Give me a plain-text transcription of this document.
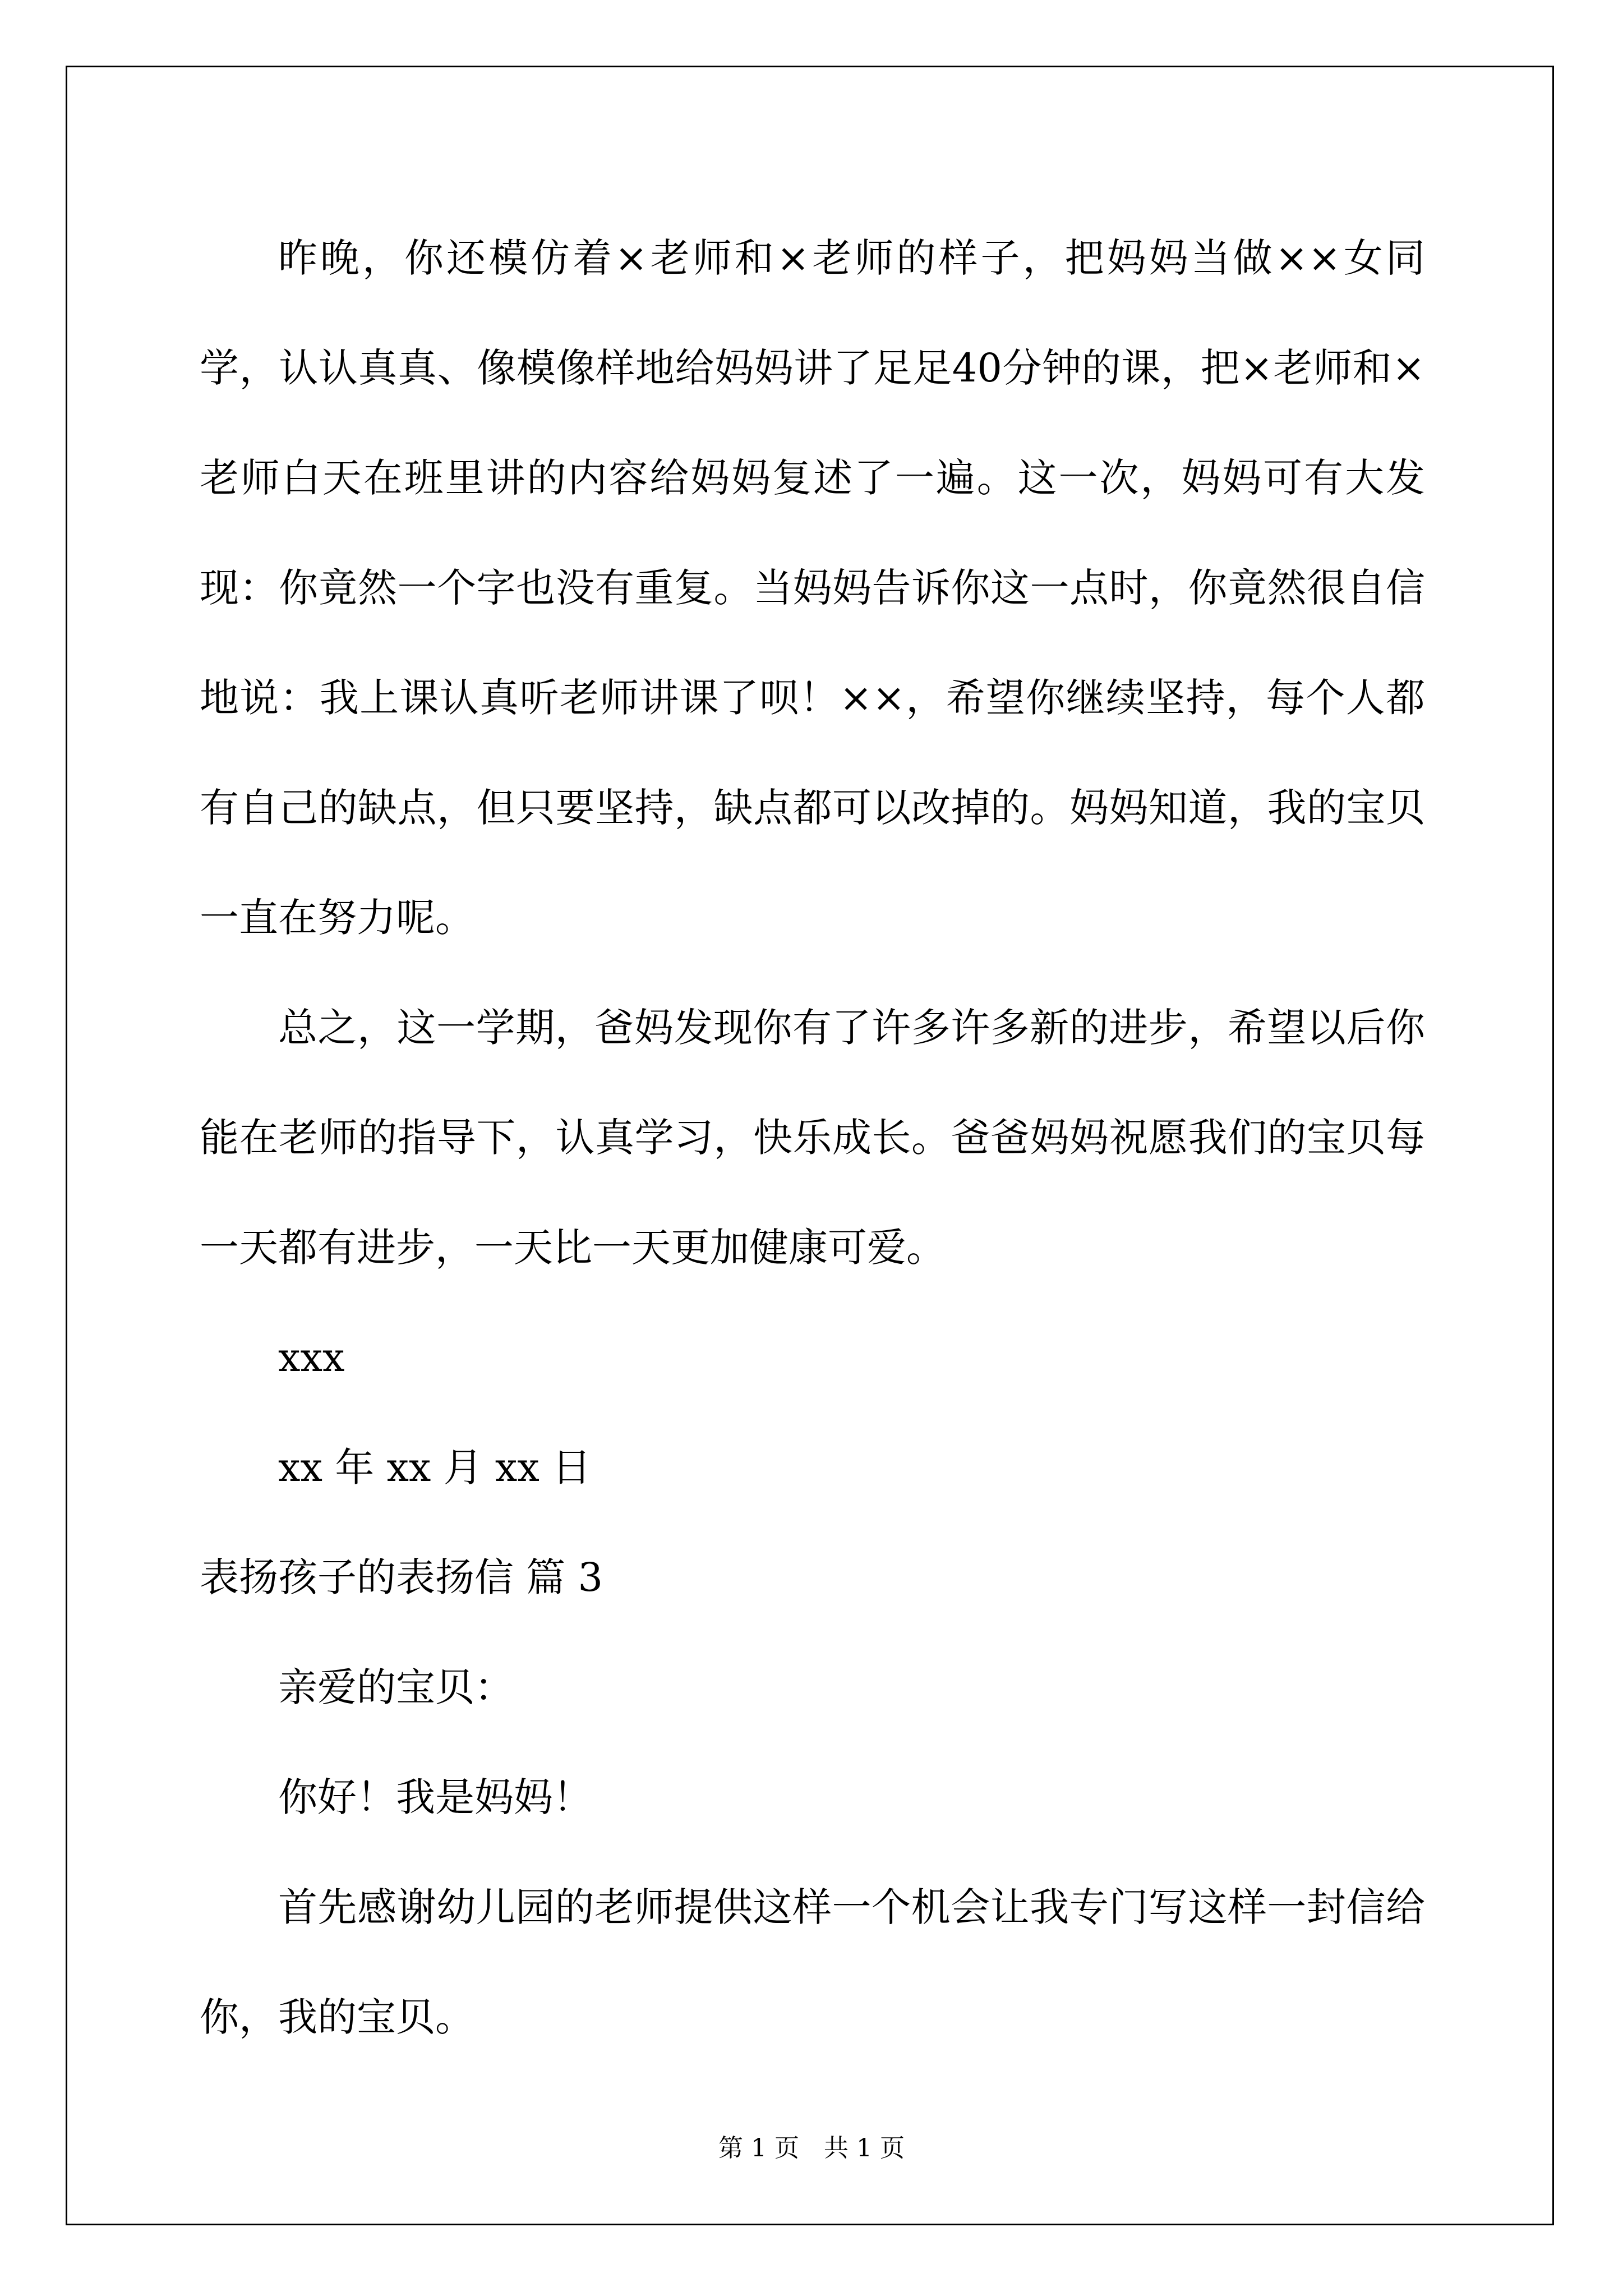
昨晚，你还模仿着×老师和×老师的样子，把妈妈当做××女同学，认认真真、像模像样地给妈妈讲了足足40分钟的课，把×老师和×老师白天在班里讲的内容给妈妈复述了一遍。这一次，妈妈可有大发现：你竟然一个字也没有重复。当妈妈告诉你这一点时，你竟然很自信地说：我上课认真听老师讲课了呗！××，希望你继续坚持，每个人都有自己的缺点，但只要坚持，缺点都可以改掉的。妈妈知道，我的宝贝一直在努力呢。

总之，这一学期，爸妈发现你有了许多许多新的进步，希望以后你能在老师的指导下，认真学习，快乐成长。爸爸妈妈祝愿我们的宝贝每一天都有进步，一天比一天更加健康可爱。

xxx

xx 年 xx 月 xx 日

表扬孩子的表扬信 篇 3

亲爱的宝贝：

你好！我是妈妈！

首先感谢幼儿园的老师提供这样一个机会让我专门写这样一封信给你，我的宝贝。

第 1 页　共 1 页
